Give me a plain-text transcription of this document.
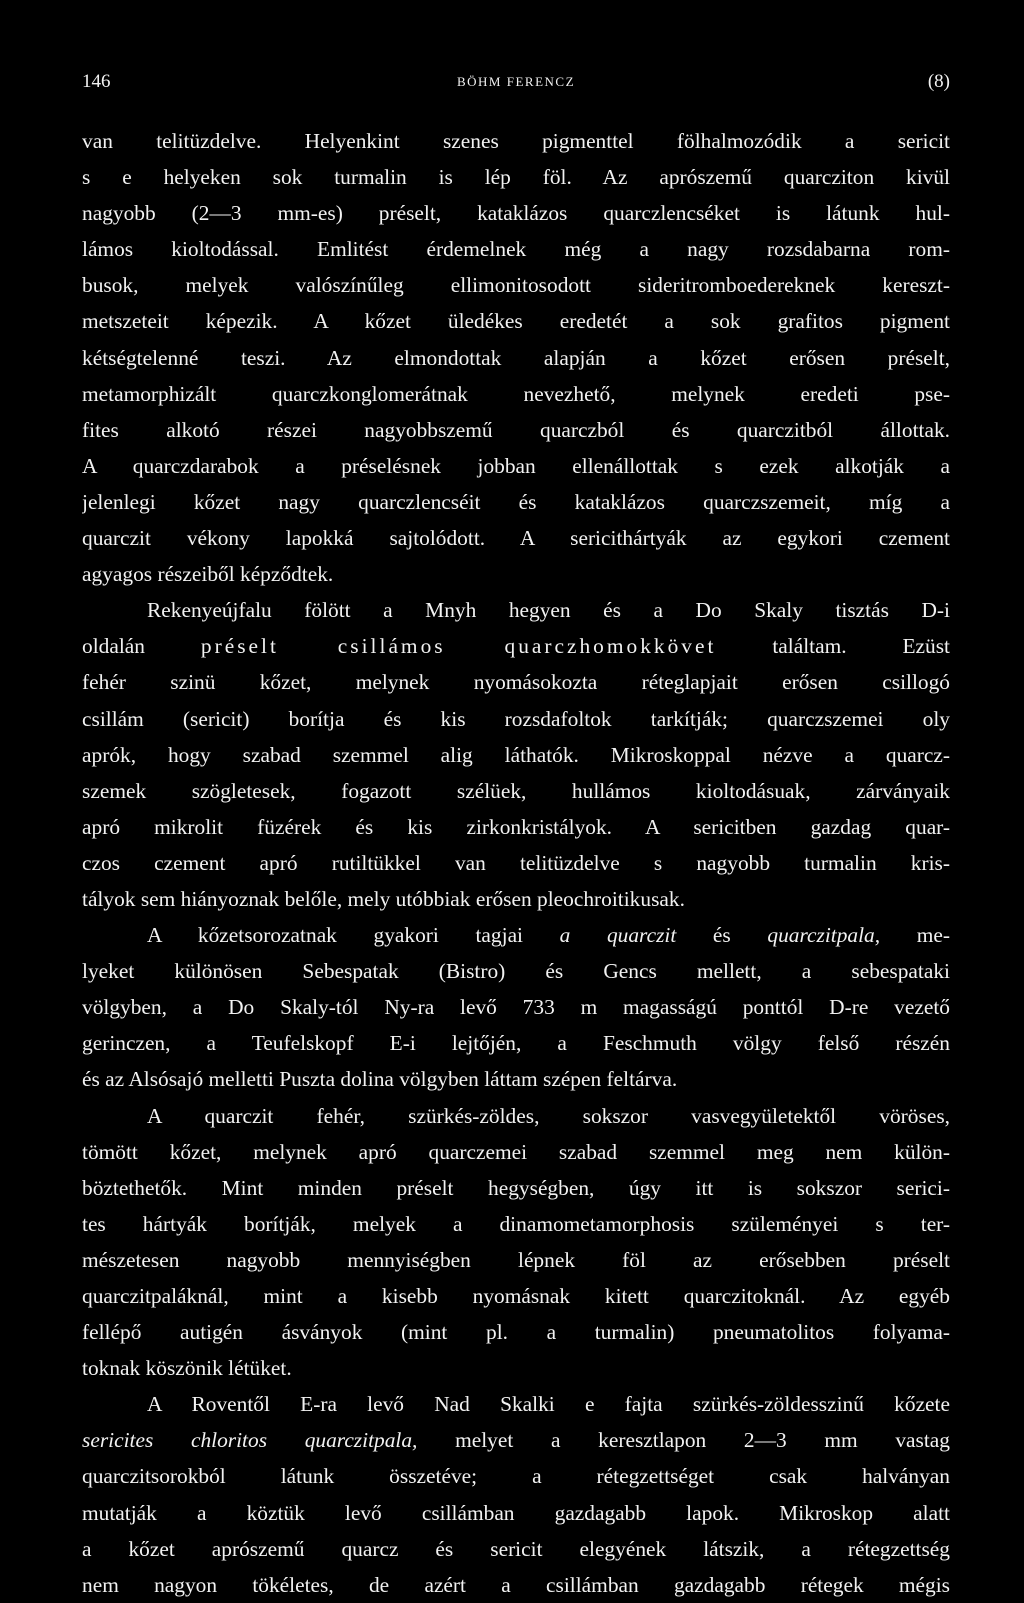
146	BÖHM FERENCZ	(8)
van telitüzdelve. Helyenkint szenes pigmenttel fölhalmozódik a sericit
s e helyeken sok turmalin is lép föl. Az aprószemű quarcziton kivül
nagyobb (2—3 mm-es) préselt, kataklázos quarczlencséket is látunk hul-
lámos kioltodással. Emlitést érdemelnek még a nagy rozsdabarna rom-
busok, melyek valószínűleg ellimonitosodott sideritromboedereknek kereszt-
metszeteit képezik. A kőzet üledékes eredetét a sok grafitos pigment
kétségtelenné teszi. Az elmondottak alapján a kőzet erősen préselt,
metamorphizált quarczkonglomerátnak nevezhető, melynek eredeti pse-
fites alkotó részei nagyobbszemű quarczból és quarczitból állottak.
A quarczdarabok a préselésnek jobban ellenállottak s ezek alkotják a
jelenlegi kőzet nagy quarczlencséit és kataklázos quarczszemeit, míg a
quarczit vékony lapokká sajtolódott. A sericithártyák az egykori czement
agyagos részeiből képződtek.
Rekenyeújfalu fölött a Mnyh hegyen és a Do Skaly tisztás D-i
oldalán préselt csillámos quarczhomokkövet találtam. Ezüst
fehér szinü kőzet, melynek nyomásokozta réteglapjait erősen csillogó
csillám (sericit) borítja és kis rozsdafoltok tarkítják; quarczszemei oly
aprók, hogy szabad szemmel alig láthatók. Mikroskoppal nézve a quarcz-
szemek szögletesek, fogazott szélüek, hullámos kioltodásuak, zárványaik
apró mikrolit füzérek és kis zirkonkristályok. A sericitben gazdag quar-
czos czement apró rutiltükkel van telitüzdelve s nagyobb turmalin kris-
tályok sem hiányoznak belőle, mely utóbbiak erősen pleochroitikusak.
A kőzetsorozatnak gyakori tagjai a quarczit és quarczitpala, me-
lyeket különösen Sebespatak (Bistro) és Gencs mellett, a sebespataki
völgyben, a Do Skaly-tól Ny-ra levő 733 m magasságú ponttól D-re vezető
gerinczen, a Teufelskopf E-i lejtőjén, a Feschmuth völgy felső részén
és az Alsósajó melletti Puszta dolina völgyben láttam szépen feltárva.
A quarczit fehér, szürkés-zöldes, sokszor vasvegyületektől vöröses,
tömött kőzet, melynek apró quarczemei szabad szemmel meg nem külön-
böztethetők. Mint minden préselt hegységben, úgy itt is sokszor serici-
tes hártyák borítják, melyek a dinamometamorphosis szüleményei s ter-
mészetesen nagyobb mennyiségben lépnek föl az erősebben préselt
quarczitpaláknál, mint a kisebb nyomásnak kitett quarczitoknál. Az egyéb
fellépő autigén ásványok (mint pl. a turmalin) pneumatolitos folyama-
toknak köszönik létüket.
A Roventől E-ra levő Nad Skalki e fajta szürkés-zöldesszinű kőzete
sericites chloritos quarczitpala, melyet a keresztlapon 2—3 mm vastag
quarczitsorokból látunk összetéve; a rétegzettséget csak halványan
mutatják a köztük levő csillámban gazdagabb lapok. Mikroskop alatt
a kőzet aprószemű quarcz és sericit elegyének látszik, a rétegzettség
nem nagyon tökéletes, de azért a csillámban gazdagabb rétegek mégis
